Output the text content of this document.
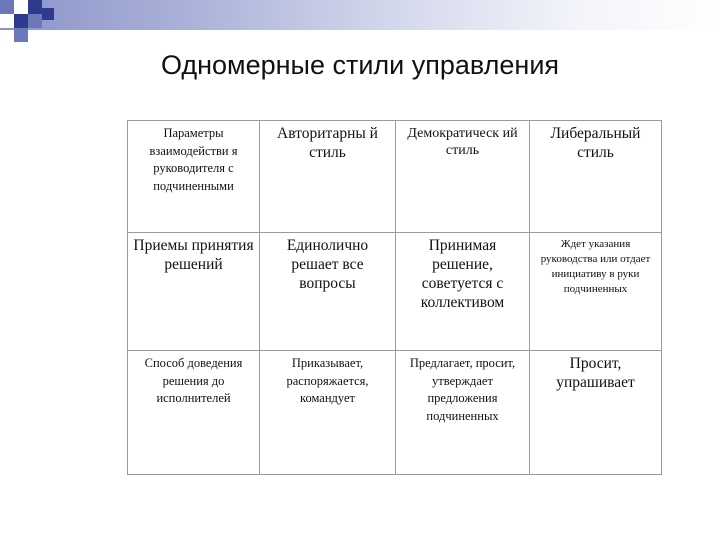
Одномерные стили управления
Параметры взаимодействи я руководителя с подчиненными	Авторитарны й стиль	Демократическ ий стиль	Либеральный стиль
Приемы принятия решений	Единолично решает все вопросы	Принимая решение, советуется с коллективом	Ждет указания руководства или отдает инициативу в руки подчиненных
Способ доведения решения до исполнителей	Приказывает, распоряжается, командует	Предлагает, просит, утверждает предложения подчиненных	Просит, упрашивает
